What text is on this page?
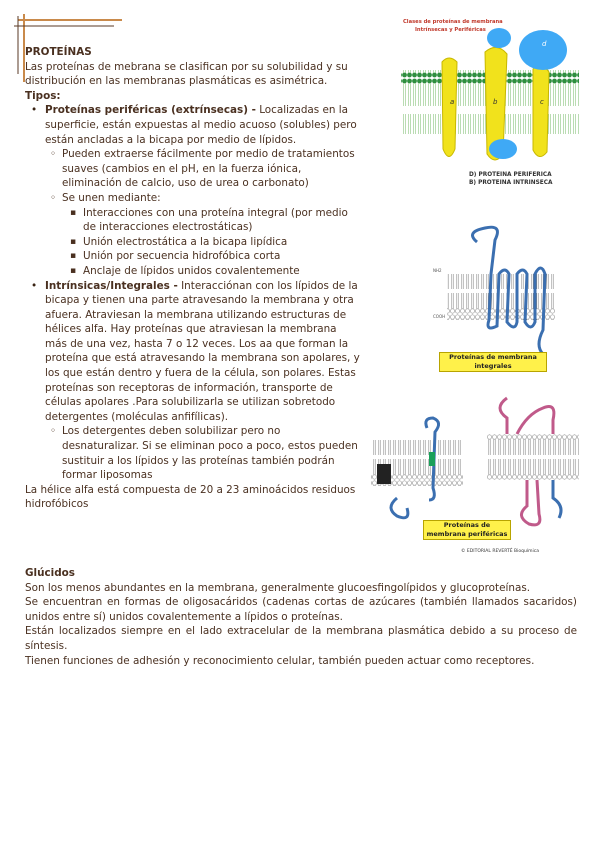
PROTEÍNAS
Las proteínas de mebrana se clasifican por su solubilidad y su distribución en las membranas plasmáticas es asimétrica.
Tipos:
• Proteínas periféricas (extrínsecas) - Localizadas en la superficie, están expuestas al medio acuoso (solubles) pero están ancladas a la bicapa por medio de lípidos.
◦ Pueden extraerse fácilmente por medio de tratamientos suaves (cambios en el pH, en la fuerza iónica, eliminación de calcio, uso de urea o carbonato)
◦ Se unen mediante:
▪ Interacciones con una proteína integral (por medio de interacciones electrostáticas)
▪ Unión electrostática a la bicapa lipídica
▪ Unión por secuencia hidrofóbica corta
▪ Anclaje de lípidos unidos covalentemente
• Intrínsicas/Integrales - Interacciónan con los lípidos de la bicapa y tienen una parte atravesando la membrana y otra afuera. Atraviesan la membrana utilizando estructuras de hélices alfa. Hay proteínas que atraviesan la membrana más de una vez, hasta 7 o 12 veces. Los aa que forman la proteína que está atravesando la membrana son apolares, y los que están dentro y fuera de la célula, son polares. Estas proteínas son receptoras de información, transporte de células apolares .Para solubilizarla se utilizan sobretodo detergentes (moléculas anfifílicas).
◦ Los detergentes deben solubilizar pero no desnaturalizar. Si se eliminan poco a poco, estos pueden sustituir a los lípidos y las proteínas también podrán formar liposomas
La hélice alfa está compuesta de 20 a 23 aminoácidos residuos hidrofóbicos
Glúcidos
Son los menos abundantes en la membrana, generalmente glucoesfingolípidos y glucoproteínas.
Se encuentran en formas de oligosacáridos (cadenas cortas de azúcares (también llamados sacaridos) unidos entre sí) unidos covalentemente a lípidos o proteínas.
Están localizados siempre en el lado extracelular de la membrana plasmática debido a su proceso de síntesis.
Tienen funciones de adhesión y reconocimiento celular, también pueden actuar como receptores.
Clases de proteínas de membrana
Intrínsecas y Periféricas
a	b	c
d
D) PROTEINA PERIFERICA
B) PROTEINA INTRINSECA
NH2
COOH
Proteínas de membrana integrales
Proteínas de membrana periféricas
© EDITORIAL REVERTÉ Bioquímica
